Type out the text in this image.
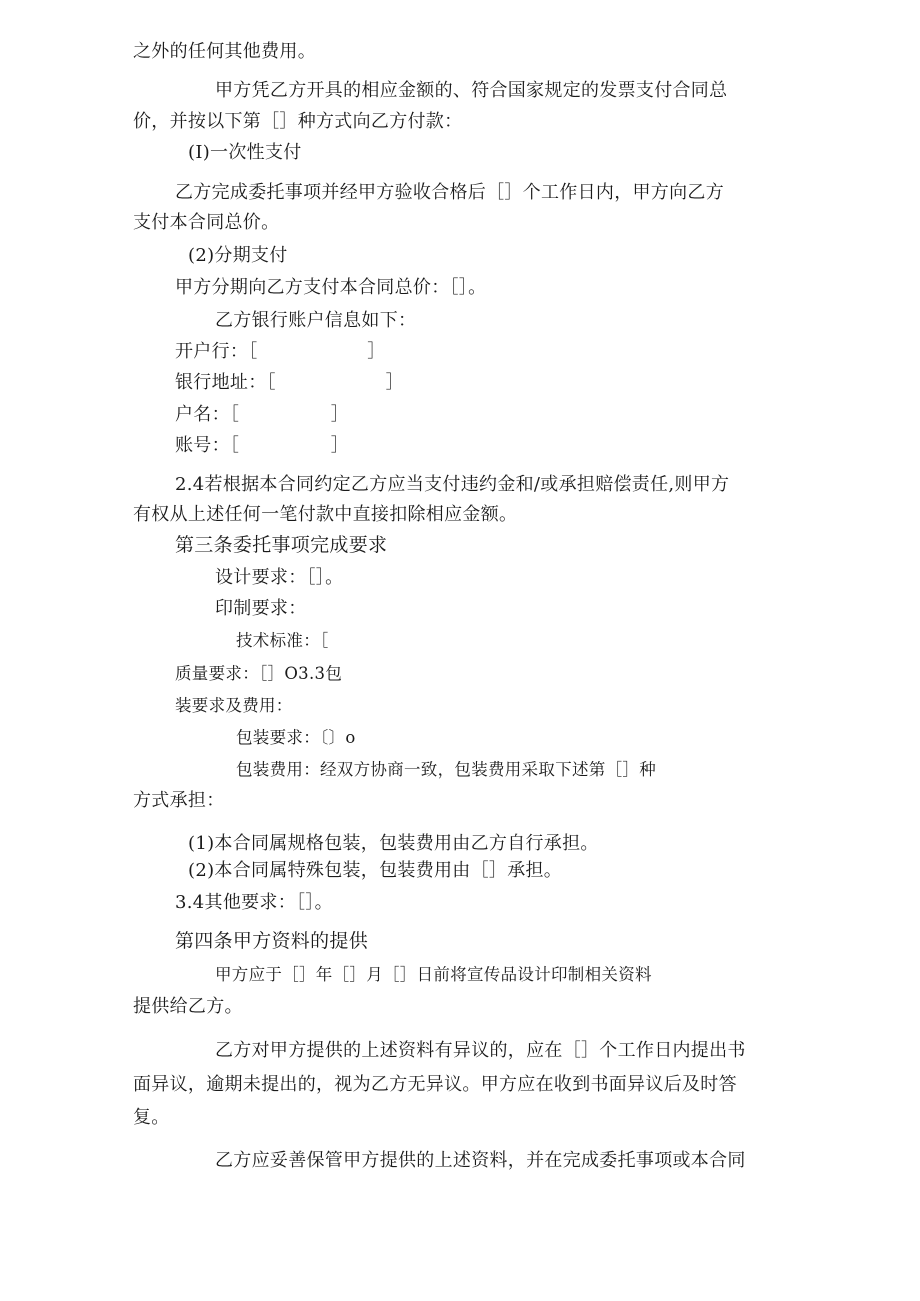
之外的任何其他费用。
甲方凭乙方开具的相应金额的、符合国家规定的发票支付合同总
价，并按以下第［］种方式向乙方付款：
(I)一次性支付
乙方完成委托事项并经甲方验收合格后［］个工作日内，甲方向乙方
支付本合同总价。
(2)分期支付
甲方分期向乙方支付本合同总价：［］。
乙方银行账户信息如下：
开户行：［　　　　　　］
银行地址：［　　　　　　］
户名：［　　　　　］
账号：［　　　　　］
2.4若根据本合同约定乙方应当支付违约金和/或承担赔偿责任,则甲方
有权从上述任何一笔付款中直接扣除相应金额。
第三条委托事项完成要求
设计要求：［］。
印制要求：
技术标准：［
质量要求：［］O3.3包
装要求及费用：
包装要求：〔〕o
包装费用：经双方协商一致，包装费用采取下述第［］种
方式承担：
(1)本合同属规格包装，包装费用由乙方自行承担。
(2)本合同属特殊包装，包装费用由［］承担。
3.4其他要求：［］。
第四条甲方资料的提供
甲方应于［］年［］月［］日前将宣传品设计印制相关资料
提供给乙方。
乙方对甲方提供的上述资料有异议的，应在［］个工作日内提出书
面异议，逾期未提出的，视为乙方无异议。甲方应在收到书面异议后及时答
复。
乙方应妥善保管甲方提供的上述资料，并在完成委托事项或本合同
